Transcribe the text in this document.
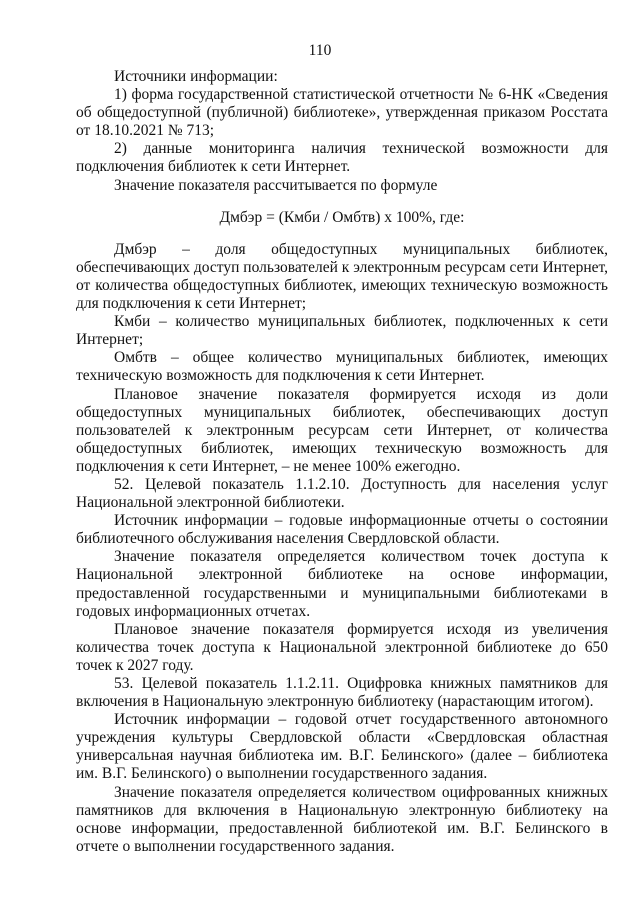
110

Источники информации:

1) форма государственной статистической отчетности № 6-НК «Сведения об общедоступной (публичной) библиотеке», утвержденная приказом Росстата от 18.10.2021 № 713;

2) данные мониторинга наличия технической возможности для подключения библиотек к сети Интернет.

Значение показателя рассчитывается по формуле

Дмбэр = (Кмби / Омбтв) x 100%, где:

Дмбэр – доля общедоступных муниципальных библиотек, обеспечивающих доступ пользователей к электронным ресурсам сети Интернет, от количества общедоступных библиотек, имеющих техническую возможность для подключения к сети Интернет;

Кмби – количество муниципальных библиотек, подключенных к сети Интернет;

Омбтв – общее количество муниципальных библиотек, имеющих техническую возможность для подключения к сети Интернет.

Плановое значение показателя формируется исходя из доли общедоступных муниципальных библиотек, обеспечивающих доступ пользователей к электронным ресурсам сети Интернет, от количества общедоступных библиотек, имеющих техническую возможность для подключения к сети Интернет, – не менее 100% ежегодно.

52. Целевой показатель 1.1.2.10. Доступность для населения услуг Национальной электронной библиотеки.

Источник информации – годовые информационные отчеты о состоянии библиотечного обслуживания населения Свердловской области.

Значение показателя определяется количеством точек доступа к Национальной электронной библиотеке на основе информации, предоставленной государственными и муниципальными библиотеками в годовых информационных отчетах.

Плановое значение показателя формируется исходя из увеличения количества точек доступа к Национальной электронной библиотеке до 650 точек к 2027 году.

53. Целевой показатель 1.1.2.11. Оцифровка книжных памятников для включения в Национальную электронную библиотеку (нарастающим итогом).

Источник информации – годовой отчет государственного автономного учреждения культуры Свердловской области «Свердловская областная универсальная научная библиотека им. В.Г. Белинского» (далее – библиотека им. В.Г. Белинского) о выполнении государственного задания.

Значение показателя определяется количеством оцифрованных книжных памятников для включения в Национальную электронную библиотеку на основе информации, предоставленной библиотекой им. В.Г. Белинского в отчете о выполнении государственного задания.
